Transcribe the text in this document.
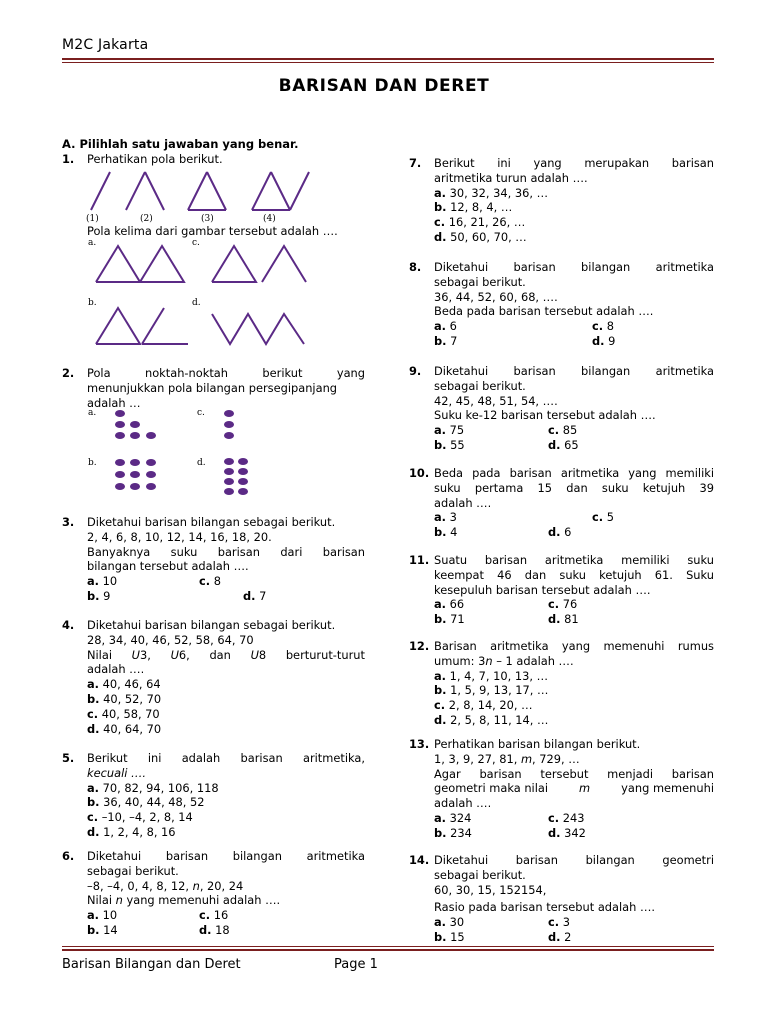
M2C Jakarta
BARISAN DAN DERET
A. Pilihlah satu jawaban yang benar.
1. Perhatikan pola berikut.
(1)	(2)	(3)	(4)
Pola kelima dari gambar tersebut adalah ….
a.	c.
b.	d.
2. Pola noktah-noktah berikut yang
menunjukkan pola bilangan persegipanjang
adalah …
a.	c.
b.	d.
3. Diketahui barisan bilangan sebagai berikut.
2, 4, 6, 8, 10, 12, 14, 16, 18, 20.
Banyaknya suku barisan dari barisan
bilangan tersebut adalah ….
a. 10	c. 8
b. 9	d. 7
4. Diketahui barisan bilangan sebagai berikut.
28, 34, 40, 46, 52, 58, 64, 70
Nilai U3, U6, dan U8 berturut-turut
adalah ….
a. 40, 46, 64
b. 40, 52, 70
c. 40, 58, 70
d. 40, 64, 70
5. Berikut ini adalah barisan aritmetika,
kecuali ….
a. 70, 82, 94, 106, 118
b. 36, 40, 44, 48, 52
c. –10, –4, 2, 8, 14
d. 1, 2, 4, 8, 16
6. Diketahui barisan bilangan aritmetika
sebagai berikut.
–8, –4, 0, 4, 8, 12, n, 20, 24
Nilai n yang memenuhi adalah ….
a. 10	c. 16
b. 14	d. 18
7. Berikut ini yang merupakan barisan
aritmetika turun adalah ….
a. 30, 32, 34, 36, …
b. 12, 8, 4, …
c. 16, 21, 26, …
d. 50, 60, 70, …
8. Diketahui barisan bilangan aritmetika
sebagai berikut.
36, 44, 52, 60, 68, ….
Beda pada barisan tersebut adalah ….
a. 6	c. 8
b. 7	d. 9
9. Diketahui barisan bilangan aritmetika
sebagai berikut.
42, 45, 48, 51, 54, ….
Suku ke-12 barisan tersebut adalah ….
a. 75	c. 85
b. 55	d. 65
10. Beda pada barisan aritmetika yang memiliki
suku pertama 15 dan suku ketujuh 39
adalah ….
a. 3	c. 5
b. 4	d. 6
11. Suatu barisan aritmetika memiliki suku
keempat 46 dan suku ketujuh 61. Suku
kesepuluh barisan tersebut adalah ….
a. 66	c. 76
b. 71	d. 81
12. Barisan aritmetika yang memenuhi rumus
umum: 3n – 1 adalah ….
a. 1, 4, 7, 10, 13, …
b. 1, 5, 9, 13, 17, …
c. 2, 8, 14, 20, …
d. 2, 5, 8, 11, 14, …
13. Perhatikan barisan bilangan berikut.
1, 3, 9, 27, 81, m, 729, …
Agar barisan tersebut menjadi barisan
geometri maka nilai	m	yang memenuhi
adalah ….
a. 324	c. 243
b. 234	d. 342
14. Diketahui barisan bilangan geometri
sebagai berikut.
60, 30, 15, 152154,
Rasio pada barisan tersebut adalah ….
a. 30	c. 3
b. 15	d. 2
Barisan Bilangan dan Deret	Page 1
